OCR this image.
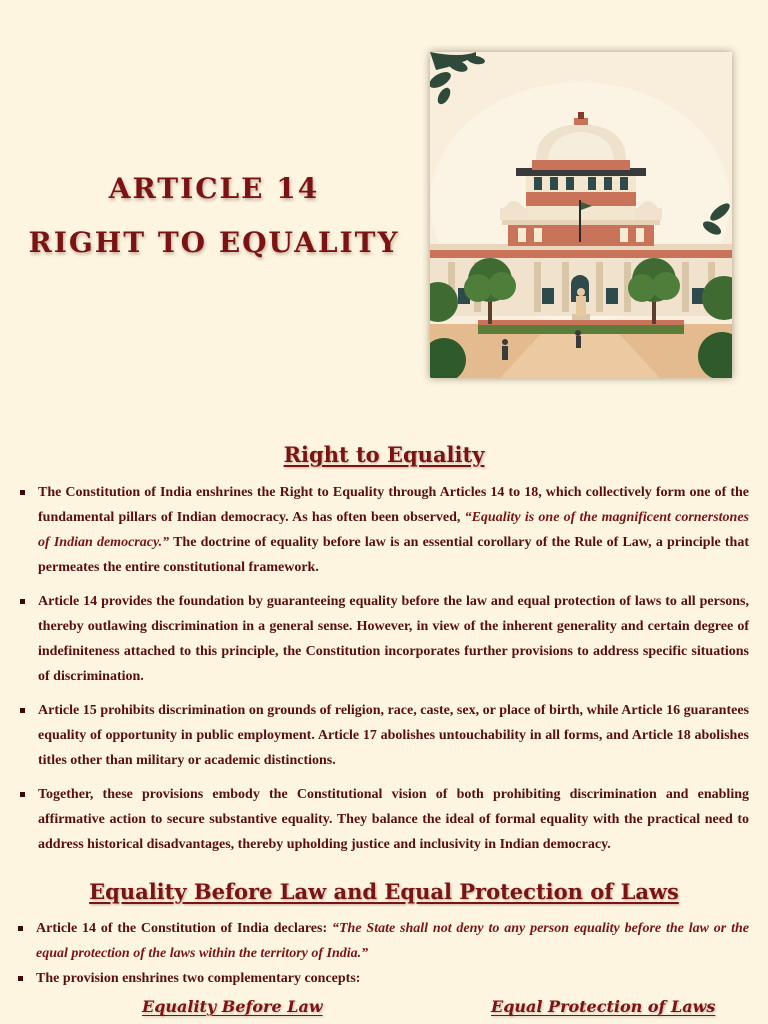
ARTICLE 14
RIGHT TO EQUALITY
Right to Equality
The Constitution of India enshrines the Right to Equality through Articles 14 to 18, which collectively form one of the fundamental pillars of Indian democracy. As has often been observed, “Equality is one of the magnificent cornerstones of Indian democracy.” The doctrine of equality before law is an essential corollary of the Rule of Law, a principle that permeates the entire constitutional framework.
Article 14 provides the foundation by guaranteeing equality before the law and equal protection of laws to all persons, thereby outlawing discrimination in a general sense. However, in view of the inherent generality and certain degree of indefiniteness attached to this principle, the Constitution incorporates further provisions to address specific situations of discrimination.
Article 15 prohibits discrimination on grounds of religion, race, caste, sex, or place of birth, while Article 16 guarantees equality of opportunity in public employment. Article 17 abolishes untouchability in all forms, and Article 18 abolishes titles other than military or academic distinctions.
Together, these provisions embody the Constitutional vision of both prohibiting discrimination and enabling affirmative action to secure substantive equality. They balance the ideal of formal equality with the practical need to address historical disadvantages, thereby upholding justice and inclusivity in Indian democracy.
Equality Before Law and Equal Protection of Laws
Article 14 of the Constitution of India declares: “The State shall not deny to any person equality before the law or the equal protection of the laws within the territory of India.”
The provision enshrines two complementary concepts:
Equality Before Law	Equal Protection of Laws
